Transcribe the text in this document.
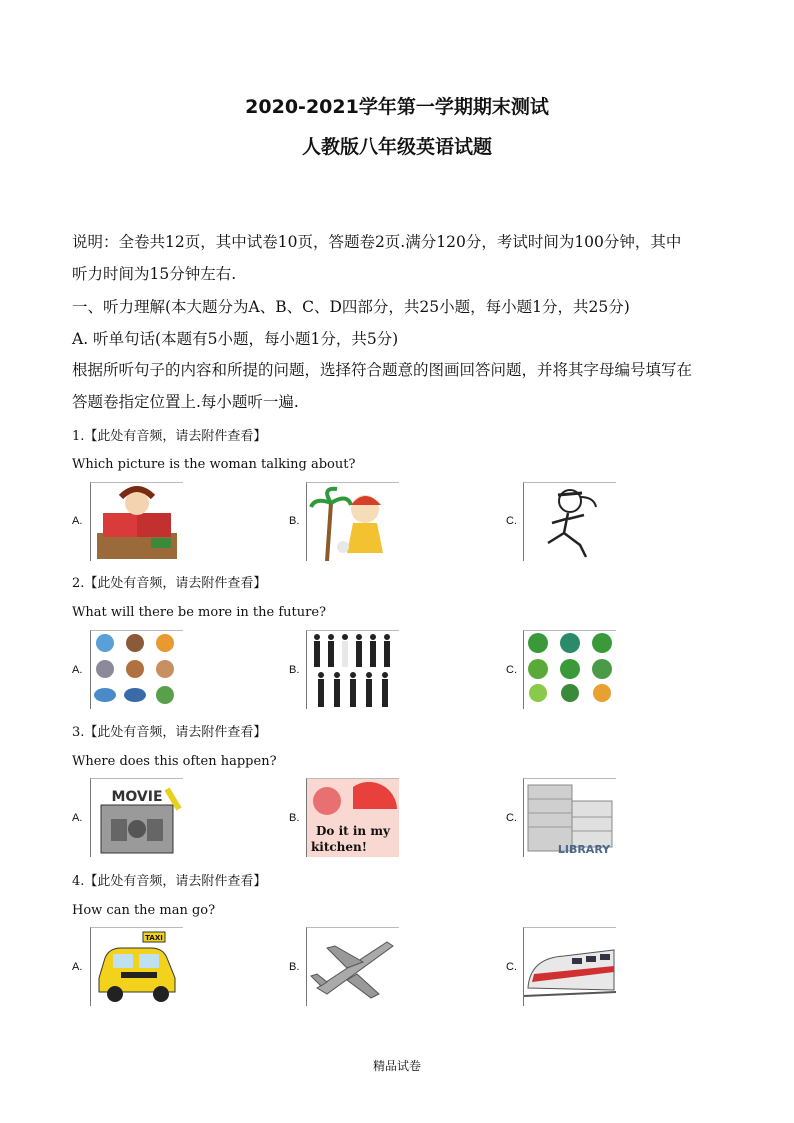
2020-2021学年第一学期期末测试
人教版八年级英语试题
说明：全卷共12页，其中试卷10页，答题卷2页.满分120分，考试时间为100分钟，其中
听力时间为15分钟左右.
一、听力理解(本大题分为A、B、C、D四部分，共25小题，每小题1分，共25分)
A. 听单句话(本题有5小题，每小题1分，共5分)
根据所听句子的内容和所提的问题，选择符合题意的图画回答问题，并将其字母编号填写在
答题卷指定位置上.每小题听一遍.
1.【此处有音频，请去附件查看】
Which picture is the woman talking about?
A.	B.	C.
2.【此处有音频，请去附件查看】
What will there be more in the future?
A.	B.	C.
3.【此处有音频，请去附件查看】
Where does this often happen?
A.
MOVIE
B.
Do it in my
kitchen!
C.
LIBRARY
4.【此处有音频，请去附件查看】
How can the man go?
A.
TAXI
B.	C.
精品试卷
